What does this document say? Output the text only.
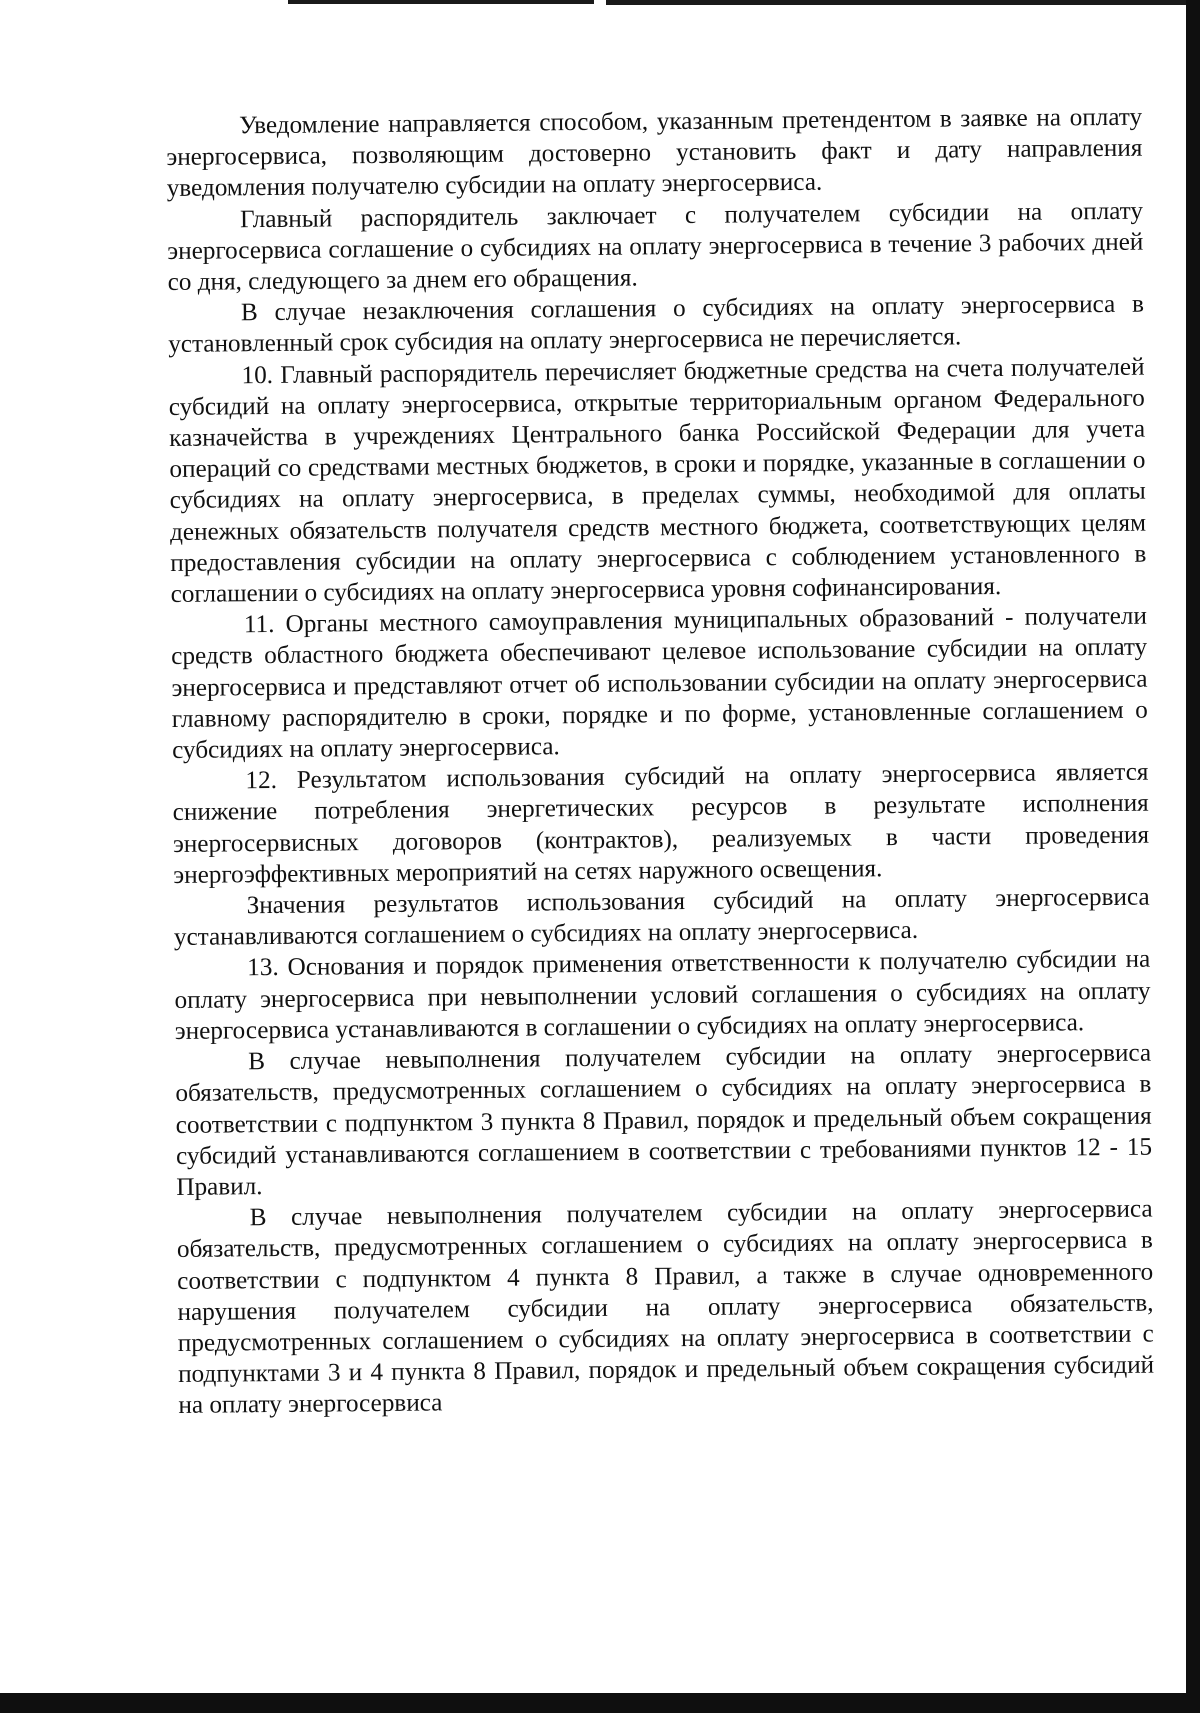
Уведомление направляется способом, указанным претендентом в заявке на оплату энергосервиса, позволяющим достоверно установить факт и дату направления уведомления получателю субсидии на оплату энергосервиса.

Главный распорядитель заключает с получателем субсидии на оплату энергосервиса соглашение о субсидиях на оплату энергосервиса в течение 3 рабочих дней со дня, следующего за днем его обращения.

В случае незаключения соглашения о субсидиях на оплату энергосервиса в установленный срок субсидия на оплату энергосервиса не перечисляется.

10. Главный распорядитель перечисляет бюджетные средства на счета получателей субсидий на оплату энергосервиса, открытые территориальным органом Федерального казначейства в учреждениях Центрального банка Российской Федерации для учета операций со средствами местных бюджетов, в сроки и порядке, указанные в соглашении о субсидиях на оплату энергосервиса, в пределах суммы, необходимой для оплаты денежных обязательств получателя средств местного бюджета, соответствующих целям предоставления субсидии на оплату энергосервиса с соблюдением установленного в соглашении о субсидиях на оплату энергосервиса уровня софинансирования.

11. Органы местного самоуправления муниципальных образований - получатели средств областного бюджета обеспечивают целевое использование субсидии на оплату энергосервиса и представляют отчет об использовании субсидии на оплату энергосервиса главному распорядителю в сроки, порядке и по форме, установленные соглашением о субсидиях на оплату энергосервиса.

12. Результатом использования субсидий на оплату энергосервиса является снижение потребления энергетических ресурсов в результате исполнения энергосервисных договоров (контрактов), реализуемых в части проведения энергоэффективных мероприятий на сетях наружного освещения.

Значения результатов использования субсидий на оплату энергосервиса устанавливаются соглашением о субсидиях на оплату энергосервиса.

13. Основания и порядок применения ответственности к получателю субсидии на оплату энергосервиса при невыполнении условий соглашения о субсидиях на оплату энергосервиса устанавливаются в соглашении о субсидиях на оплату энергосервиса.

В случае невыполнения получателем субсидии на оплату энергосервиса обязательств, предусмотренных соглашением о субсидиях на оплату энергосервиса в соответствии с подпунктом 3 пункта 8 Правил, порядок и предельный объем сокращения субсидий устанавливаются соглашением в соответствии с требованиями пунктов 12 - 15 Правил.

В случае невыполнения получателем субсидии на оплату энергосервиса обязательств, предусмотренных соглашением о субсидиях на оплату энергосервиса в соответствии с подпунктом 4 пункта 8 Правил, а также в случае одновременного нарушения получателем субсидии на оплату энергосервиса обязательств, предусмотренных соглашением о субсидиях на оплату энергосервиса в соответствии с подпунктами 3 и 4 пункта 8 Правил, порядок и предельный объем сокращения субсидий на оплату энергосервиса
